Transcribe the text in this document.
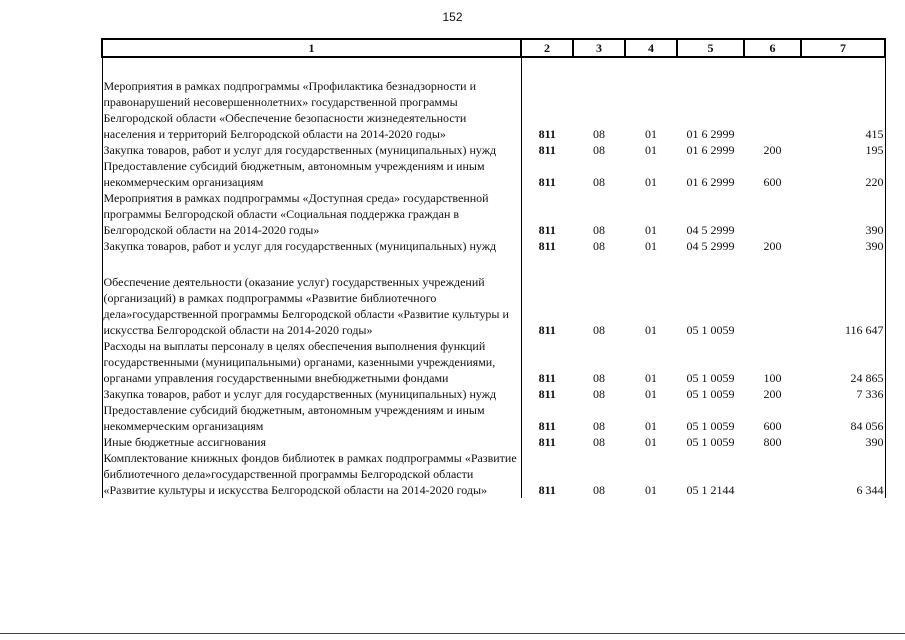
152
1	2	3	4	5	6	7

Мероприятия в рамках подпрограммы «Профилактика безнадзорности и правонарушений несовершеннолетних» государственной программы Белгородской области «Обеспечение безопасности жизнедеятельности населения и территорий Белгородской области на 2014-2020 годы»	811	08	01	01 6 2999		415
Закупка товаров, работ и услуг для государственных (муниципальных) нужд	811	08	01	01 6 2999	200	195
Предоставление субсидий бюджетным, автономным учреждениям и иным некоммерческим организациям	811	08	01	01 6 2999	600	220
Мероприятия в рамках подпрограммы «Доступная среда» государственной программы Белгородской области «Социальная поддержка граждан в Белгородской области на 2014-2020 годы»	811	08	01	04 5 2999		390
Закупка товаров, работ и услуг для государственных (муниципальных) нужд	811	08	01	04 5 2999	200	390

Обеспечение деятельности (оказание услуг) государственных учреждений (организаций) в рамках подпрограммы «Развитие библиотечного дела»государственной программы Белгородской области «Развитие культуры и искусства Белгородской области на 2014-2020 годы»	811	08	01	05 1 0059		116 647
Расходы на выплаты персоналу в целях обеспечения выполнения функций государственными (муниципальными) органами, казенными учреждениями, органами управления государственными внебюджетными фондами	811	08	01	05 1 0059	100	24 865
Закупка товаров, работ и услуг для государственных (муниципальных) нужд	811	08	01	05 1 0059	200	7 336
Предоставление субсидий бюджетным, автономным учреждениям и иным некоммерческим организациям	811	08	01	05 1 0059	600	84 056
Иные бюджетные ассигнования	811	08	01	05 1 0059	800	390
Комплектование книжных фондов библиотек в рамках подпрограммы «Развитие библиотечного дела»государственной программы Белгородской области «Развитие культуры и искусства Белгородской области на 2014-2020 годы»	811	08	01	05 1 2144		6 344
